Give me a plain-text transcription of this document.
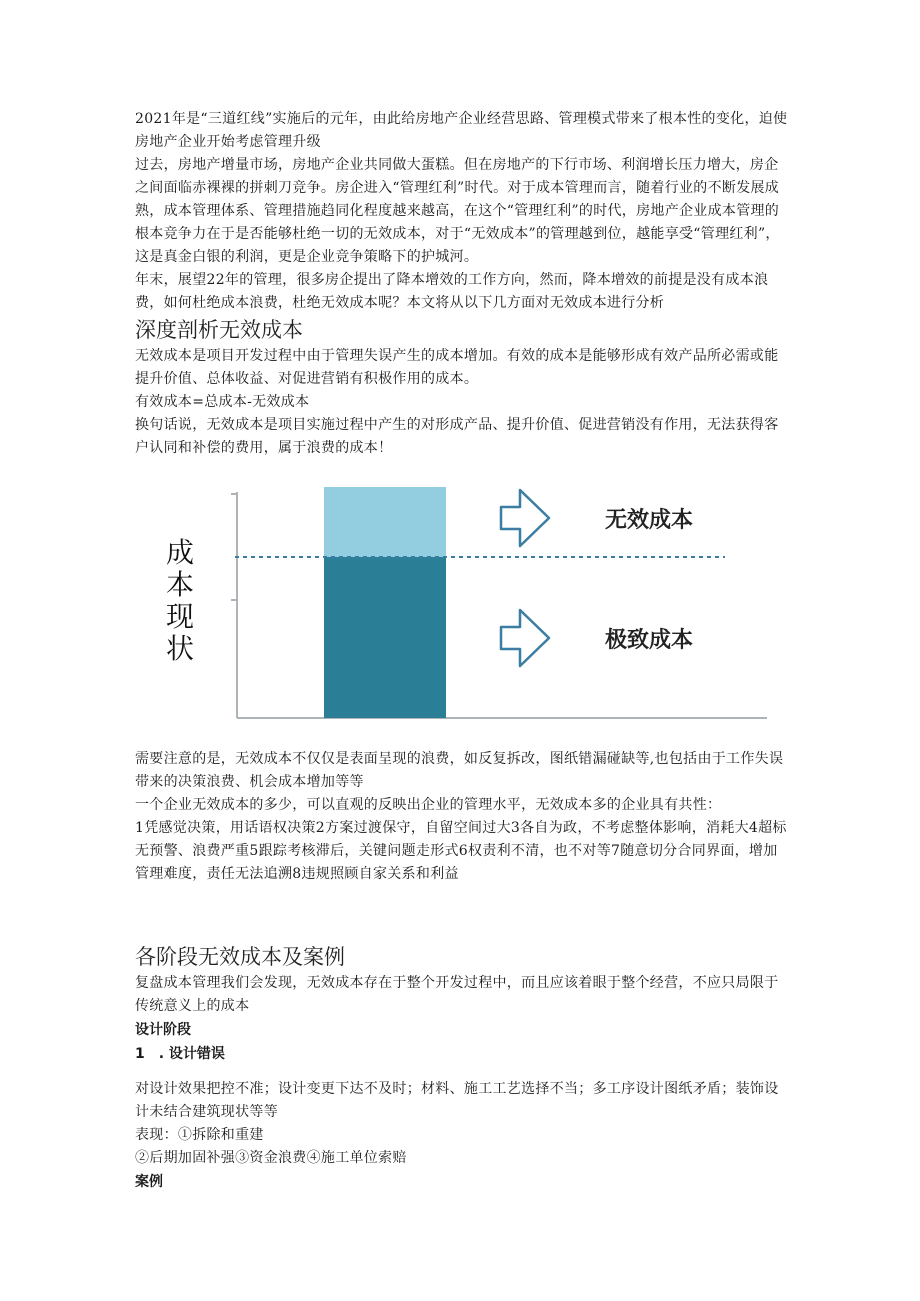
2021年是“三道红线”实施后的元年，由此给房地产企业经营思路、管理模式带来了根本性的变化，迫使房地产企业开始考虑管理升级

过去，房地产增量市场，房地产企业共同做大蛋糕。但在房地产的下行市场、利润增长压力增大，房企之间面临赤裸裸的拼刺刀竞争。房企进入“管理红利”时代。对于成本管理而言，随着行业的不断发展成熟，成本管理体系、管理措施趋同化程度越来越高，在这个“管理红利”的时代，房地产企业成本管理的根本竞争力在于是否能够杜绝一切的无效成本，对于“无效成本”的管理越到位，越能享受“管理红利”，这是真金白银的利润，更是企业竞争策略下的护城河。

年末，展望22年的管理，很多房企提出了降本增效的工作方向，然而，降本增效的前提是没有成本浪费，如何杜绝成本浪费，杜绝无效成本呢？本文将从以下几方面对无效成本进行分析

深度剖析无效成本

无效成本是项目开发过程中由于管理失误产生的成本增加。有效的成本是能够形成有效产品所必需或能提升价值、总体收益、对促进营销有积极作用的成本。

有效成本=总成本-无效成本

换句话说，无效成本是项目实施过程中产生的对形成产品、提升价值、促进营销没有作用，无法获得客户认同和补偿的费用，属于浪费的成本！

成
本
现
状
无效成本
极致成本

需要注意的是，无效成本不仅仅是表面呈现的浪费，如反复拆改，图纸错漏碰缺等,也包括由于工作失误带来的决策浪费、机会成本增加等等

一个企业无效成本的多少，可以直观的反映出企业的管理水平，无效成本多的企业具有共性：

1凭感觉决策，用话语权决策2方案过渡保守，自留空间过大3各自为政，不考虑整体影响，消耗大4超标无预警、浪费严重5跟踪考核滞后，关键问题走形式6权责利不清，也不对等7随意切分合同界面，增加管理难度，责任无法追溯8违规照顾自家关系和利益

各阶段无效成本及案例

复盘成本管理我们会发现，无效成本存在于整个开发过程中，而且应该着眼于整个经营，不应只局限于传统意义上的成本

设计阶段
1　. 设计错误

对设计效果把控不准；设计变更下达不及时；材料、施工工艺选择不当；多工序设计图纸矛盾；装饰设计未结合建筑现状等等

表现：①拆除和重建

②后期加固补强③资金浪费④施工单位索赔

案例
